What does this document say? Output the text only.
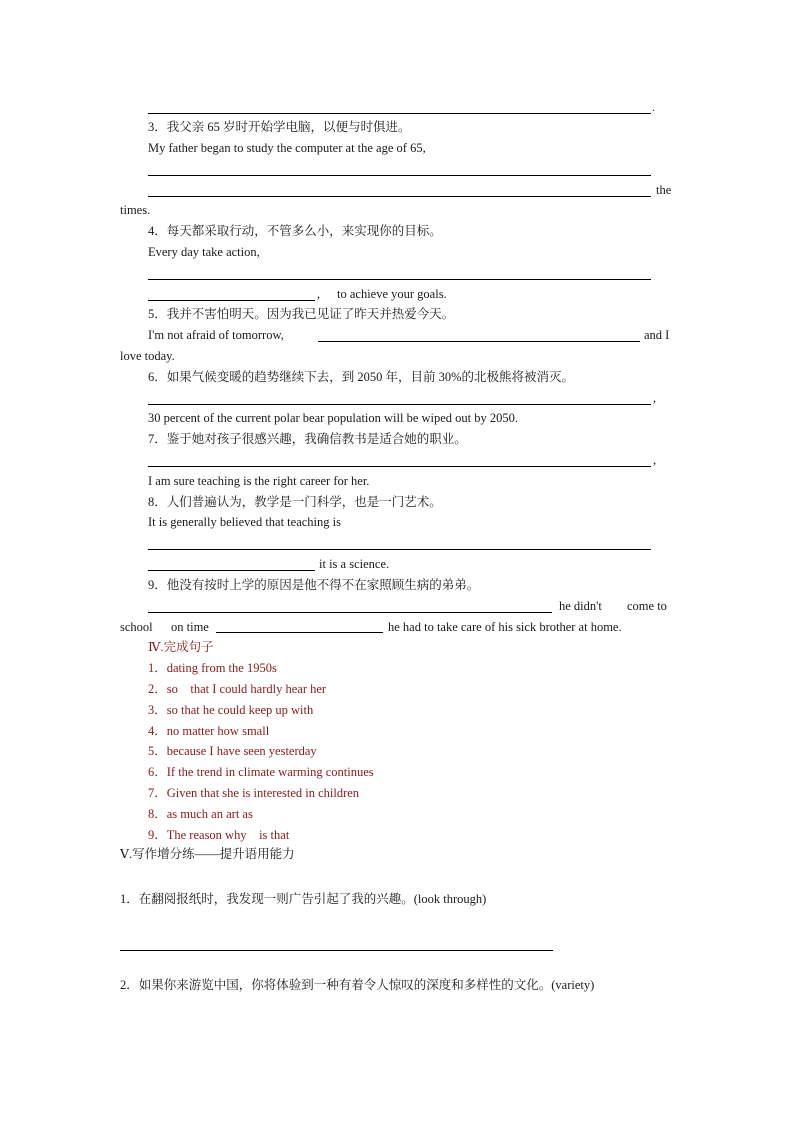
.
3．我父亲 65 岁时开始学电脑，以便与时俱进。
My father began to study the computer at the age of 65,
the
times.
4．每天都采取行动，不管多么小，来实现你的目标。
Every day take action,
, to achieve your goals.
5．我并不害怕明天。因为我已见证了昨天并热爱今天。
I'm not afraid of tomorrow,	and I
love today.
6．如果气候变暖的趋势继续下去，到 2050 年，目前 30%的北极熊将被消灭。
,
30 percent of the current polar bear population will be wiped out by 2050.
7．鉴于她对孩子很感兴趣，我确信教书是适合她的职业。
,
I am sure teaching is the right career for her.
8．人们普遍认为，教学是一门科学，也是一门艺术。
It is generally believed that teaching is
it is a science.
9．他没有按时上学的原因是他不得不在家照顾生病的弟弟。
he didn't come to
school on time	he had to take care of his sick brother at home.
Ⅳ.完成句子
1．dating from the 1950s
2．so　that I could hardly hear her
3．so that he could keep up with
4．no matter how small
5．because I have seen yesterday
6．If the trend in climate warming continues
7．Given that she is interested in children
8．as much an art as
9．The reason why　is that
Ⅴ.写作增分练——提升语用能力
1．在翻阅报纸时，我发现一则广告引起了我的兴趣。(look through)
2．如果你来游览中国，你将体验到一种有着令人惊叹的深度和多样性的文化。(variety)
